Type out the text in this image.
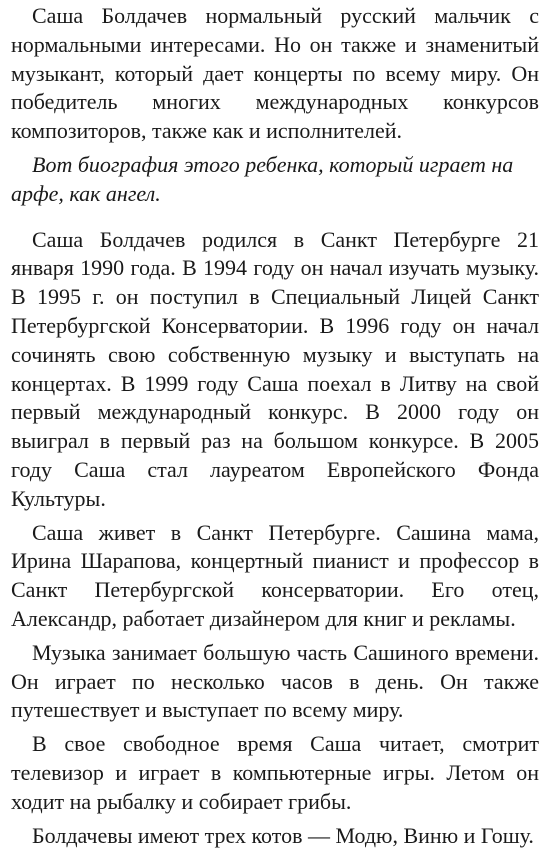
Саша Болдачев нормальный русский мальчик с нормальными интересами. Но он также и знаменитый музыкант, который дает концерты по всему миру. Он победитель многих международных конкурсов композиторов, также как и исполнителей.

Вот биография этого ребенка, который играет на арфе, как ангел.

Саша Болдачев родился в Санкт Петербурге 21 января 1990 года. В 1994 году он начал изучать музыку. В 1995 г. он поступил в Специальный Лицей Санкт Петербургской Консерватории. В 1996 году он начал сочинять свою собственную музыку и выступать на концертах. В 1999 году Саша поехал в Литву на свой первый международный конкурс. В 2000 году он выиграл в первый раз на большом конкурсе. В 2005 году Саша стал лауреатом Европейского Фонда Культуры.

Саша живет в Санкт Петербурге. Сашина мама, Ирина Шарапова, концертный пианист и профессор в Санкт Петербургской консерватории. Его отец, Александр, работает дизайнером для книг и рекламы.

Музыка занимает большую часть Сашиного времени. Он играет по несколько часов в день. Он также путешествует и выступает по всему миру.

В свое свободное время Саша читает, смотрит телевизор и играет в компьютерные игры. Летом он ходит на рыбалку и собирает грибы.

Болдачевы имеют трех котов — Модю, Виню и Гошу.
